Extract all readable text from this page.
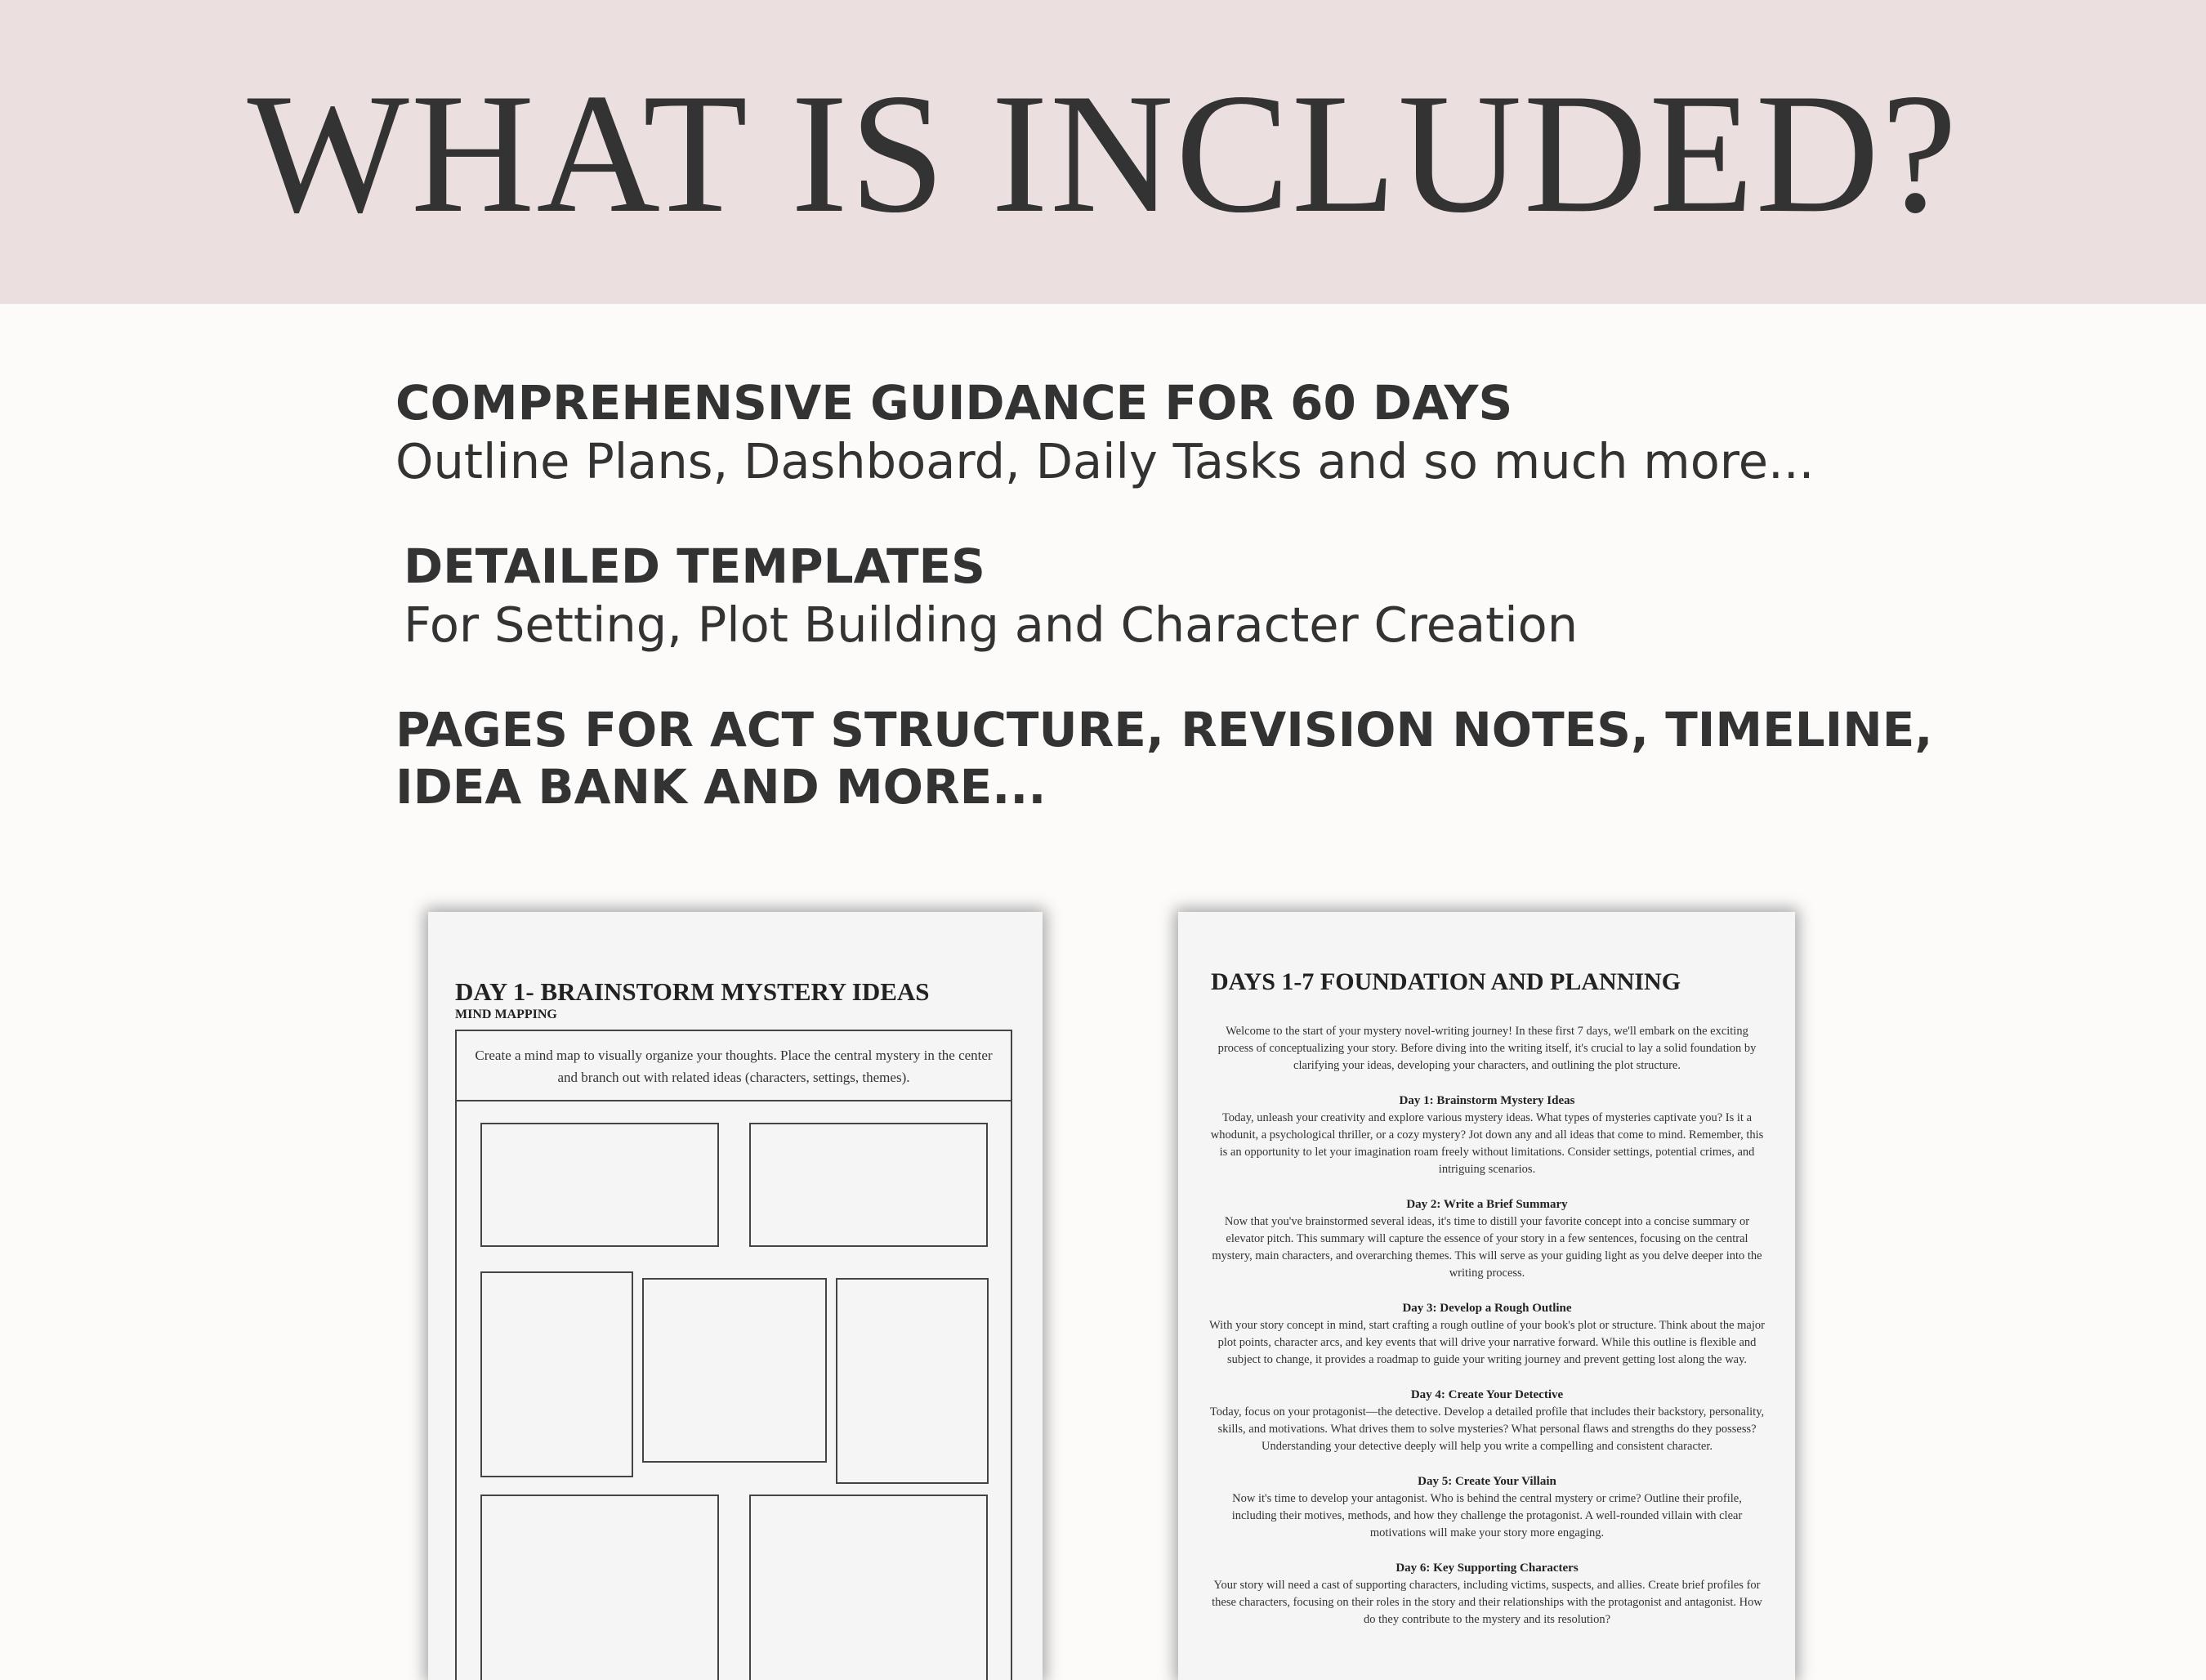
WHAT IS INCLUDED?
COMPREHENSIVE GUIDANCE FOR 60 DAYS
Outline Plans, Dashboard, Daily Tasks and so much more...
DETAILED TEMPLATES
For Setting, Plot Building and Character Creation
PAGES FOR ACT STRUCTURE, REVISION NOTES, TIMELINE,
IDEA BANK AND MORE...
DAY 1- BRAINSTORM MYSTERY IDEAS
MIND MAPPING
Create a mind map to visually organize your thoughts. Place the central mystery in the center and branch out with related ideas (characters, settings, themes).
DAYS 1-7 FOUNDATION AND PLANNING

Welcome to the start of your mystery novel-writing journey! In these first 7 days, we'll embark on the exciting process of conceptualizing your story. Before diving into the writing itself, it's crucial to lay a solid foundation by clarifying your ideas, developing your characters, and outlining the plot structure.

Day 1: Brainstorm Mystery Ideas

Today, unleash your creativity and explore various mystery ideas. What types of mysteries captivate you? Is it a whodunit, a psychological thriller, or a cozy mystery? Jot down any and all ideas that come to mind. Remember, this is an opportunity to let your imagination roam freely without limitations. Consider settings, potential crimes, and intriguing scenarios.

Day 2: Write a Brief Summary

Now that you've brainstormed several ideas, it's time to distill your favorite concept into a concise summary or elevator pitch. This summary will capture the essence of your story in a few sentences, focusing on the central mystery, main characters, and overarching themes. This will serve as your guiding light as you delve deeper into the writing process.

Day 3: Develop a Rough Outline

With your story concept in mind, start crafting a rough outline of your book's plot or structure. Think about the major plot points, character arcs, and key events that will drive your narrative forward. While this outline is flexible and subject to change, it provides a roadmap to guide your writing journey and prevent getting lost along the way.

Day 4: Create Your Detective

Today, focus on your protagonist—the detective. Develop a detailed profile that includes their backstory, personality, skills, and motivations. What drives them to solve mysteries? What personal flaws and strengths do they possess? Understanding your detective deeply will help you write a compelling and consistent character.

Day 5: Create Your Villain

Now it's time to develop your antagonist. Who is behind the central mystery or crime? Outline their profile, including their motives, methods, and how they challenge the protagonist. A well-rounded villain with clear motivations will make your story more engaging.

Day 6: Key Supporting Characters

Your story will need a cast of supporting characters, including victims, suspects, and allies. Create brief profiles for these characters, focusing on their roles in the story and their relationships with the protagonist and antagonist. How do they contribute to the mystery and its resolution?
